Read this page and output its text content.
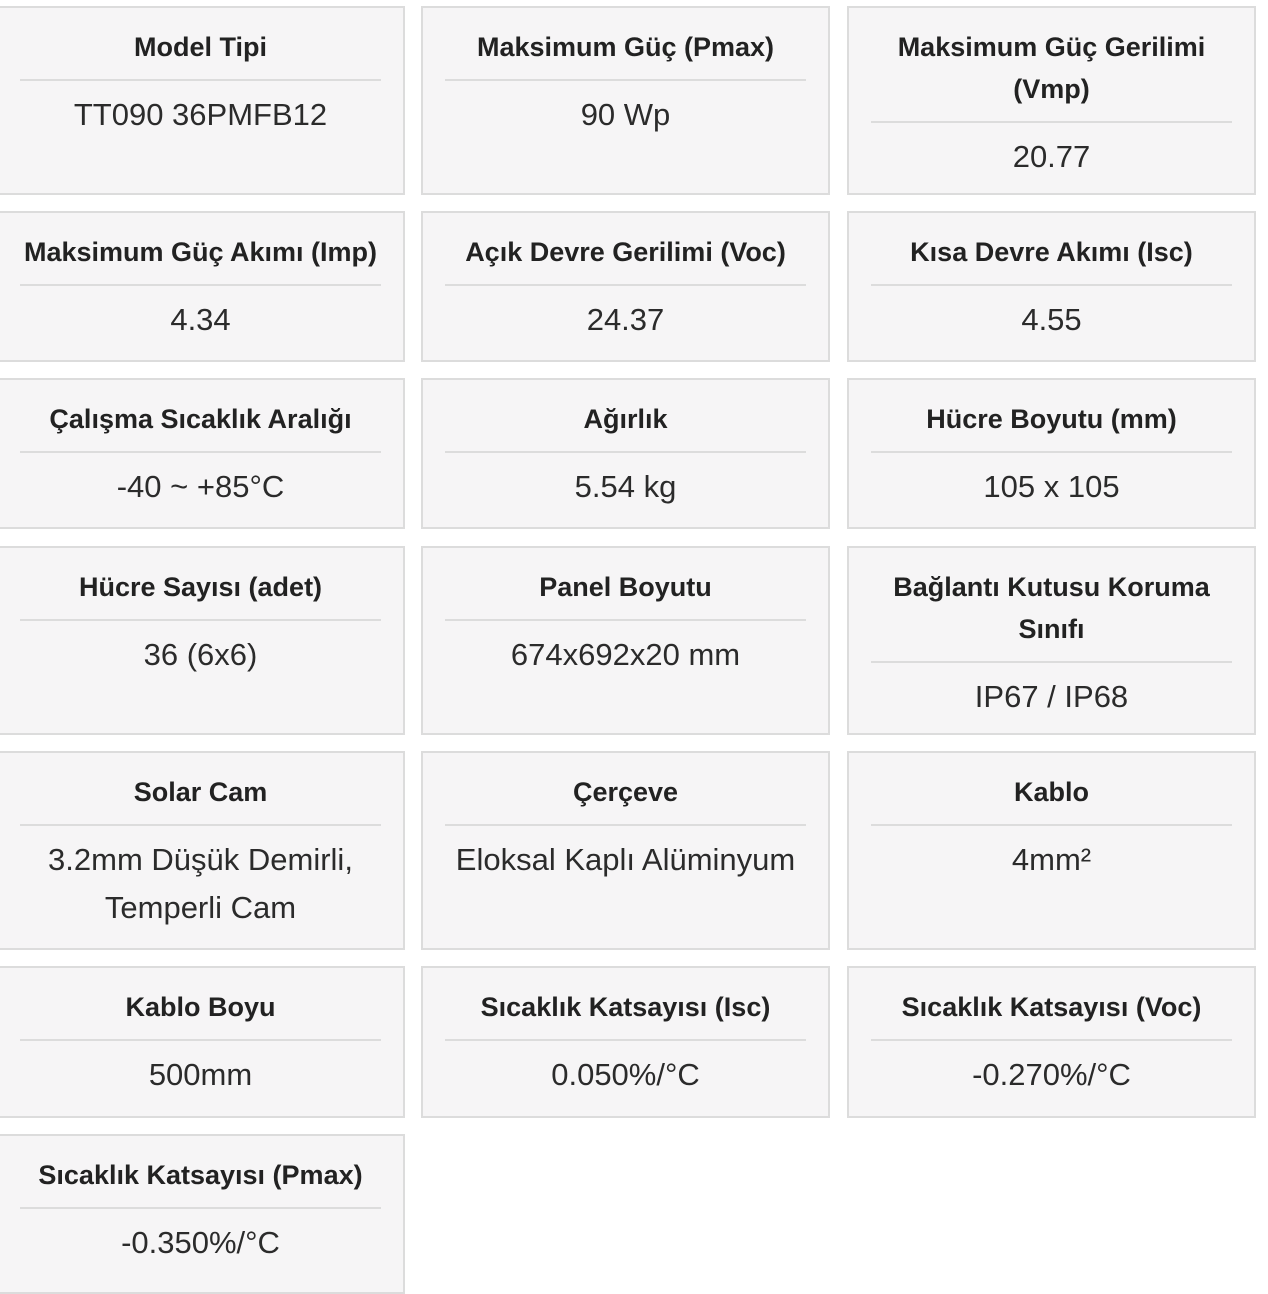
Model Tipi
TT090 36PMFB12
Maksimum Güç (Pmax)
90 Wp
Maksimum Güç Gerilimi (Vmp)
20.77
Maksimum Güç Akımı (Imp)
4.34
Açık Devre Gerilimi (Voc)
24.37
Kısa Devre Akımı (Isc)
4.55
Çalışma Sıcaklık Aralığı
-40 ~ +85°C
Ağırlık
5.54 kg
Hücre Boyutu (mm)
105 x 105
Hücre Sayısı (adet)
36 (6x6)
Panel Boyutu
674x692x20 mm
Bağlantı Kutusu Koruma Sınıfı
IP67 / IP68
Solar Cam
3.2mm Düşük Demirli, Temperli Cam
Çerçeve
Eloksal Kaplı Alüminyum
Kablo
4mm²
Kablo Boyu
500mm
Sıcaklık Katsayısı (Isc)
0.050%/°C
Sıcaklık Katsayısı (Voc)
-0.270%/°C
Sıcaklık Katsayısı (Pmax)
-0.350%/°C
